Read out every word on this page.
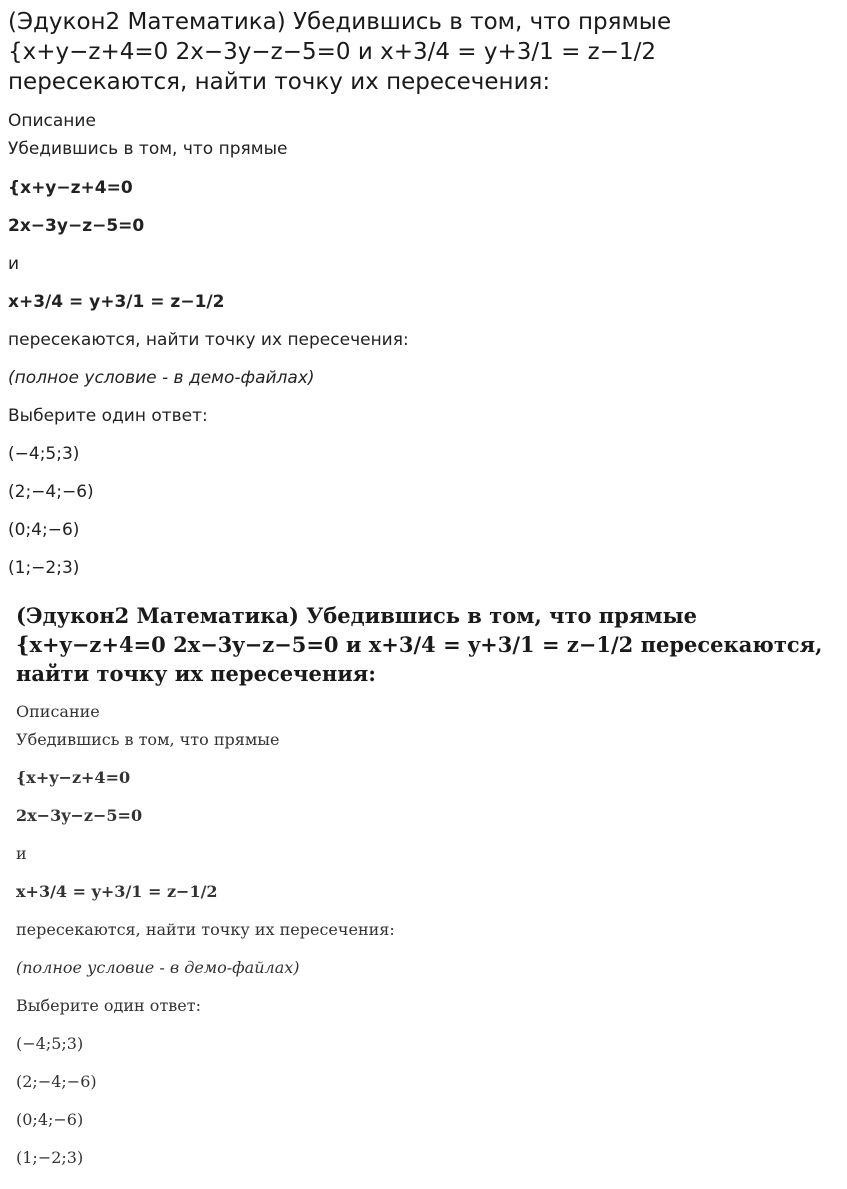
(Эдукон2 Математика) Убедившись в том, что прямые {x+y−z+4=0 2x−3y−z−5=0 и x+3/4 = y+3/1 = z−1/2 пересекаются, найти точку их пересечения:
Описание
Убедившись в том, что прямые
{x+y−z+4=0
2x−3y−z−5=0
и
x+3/4 = y+3/1 = z−1/2
пересекаются, найти точку их пересечения:
(полное условие - в демо-файлах)
Выберите один ответ:
(−4;5;3)
(2;−4;−6)
(0;4;−6)
(1;−2;3)
(Эдукон2 Математика) Убедившись в том, что прямые {x+y−z+4=0 2x−3y−z−5=0 и x+3/4 = y+3/1 = z−1/2 пересекаются, найти точку их пересечения:
Описание
Убедившись в том, что прямые
{x+y−z+4=0
2x−3y−z−5=0
и
x+3/4 = y+3/1 = z−1/2
пересекаются, найти точку их пересечения:
(полное условие - в демо-файлах)
Выберите один ответ:
(−4;5;3)
(2;−4;−6)
(0;4;−6)
(1;−2;3)
